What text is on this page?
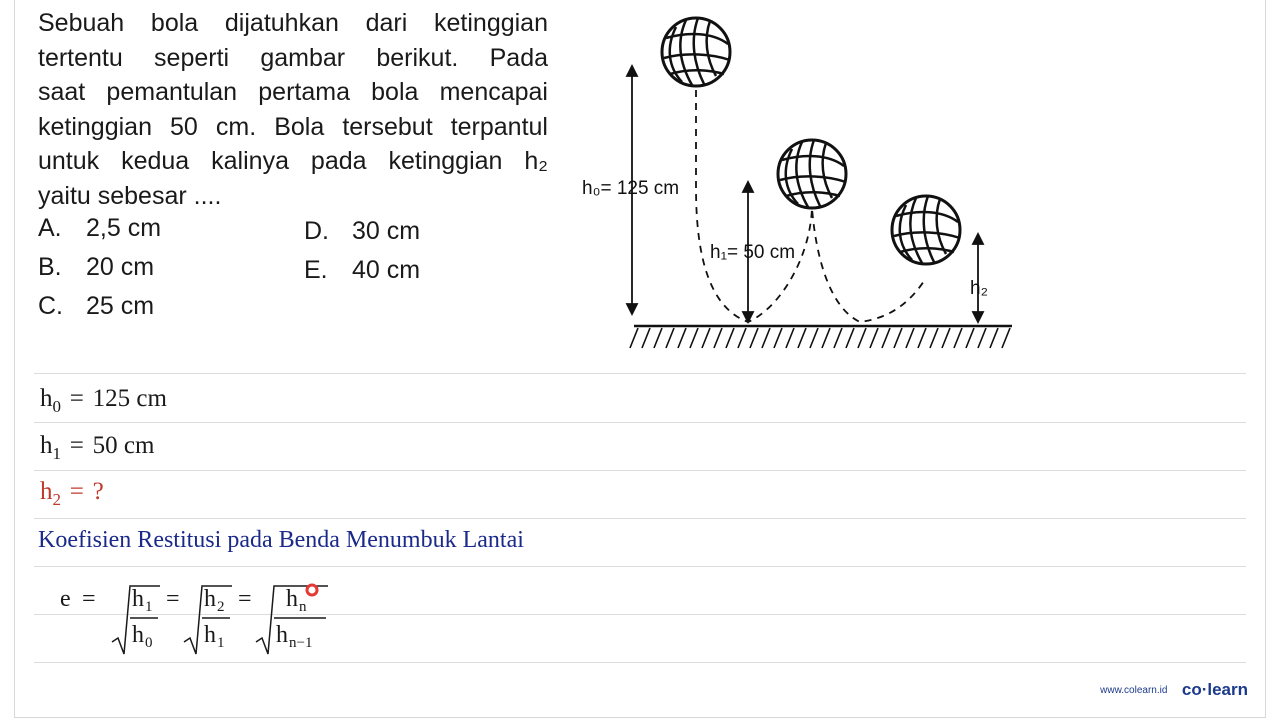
Sebuah bola dijatuhkan dari ketinggian
tertentu seperti gambar berikut. Pada
saat pemantulan pertama bola mencapai
ketinggian 50 cm. Bola tersebut terpantul
untuk kedua kalinya pada ketinggian h₂
yaitu sebesar ....
A. 2,5 cm
B. 20 cm
C. 25 cm
D. 30 cm
E. 40 cm
h₀= 125 cm
h₁= 50 cm
h₂
$h_0 = 125$ cm
$h_1 = 50$ cm
$h_2$ = ?
Koefisien Restitusi pada Benda Menumbuk Lantai
e = h 1
h 0
= h 2
h 1
= h n
h n−1
www.colearn.id co·learn
